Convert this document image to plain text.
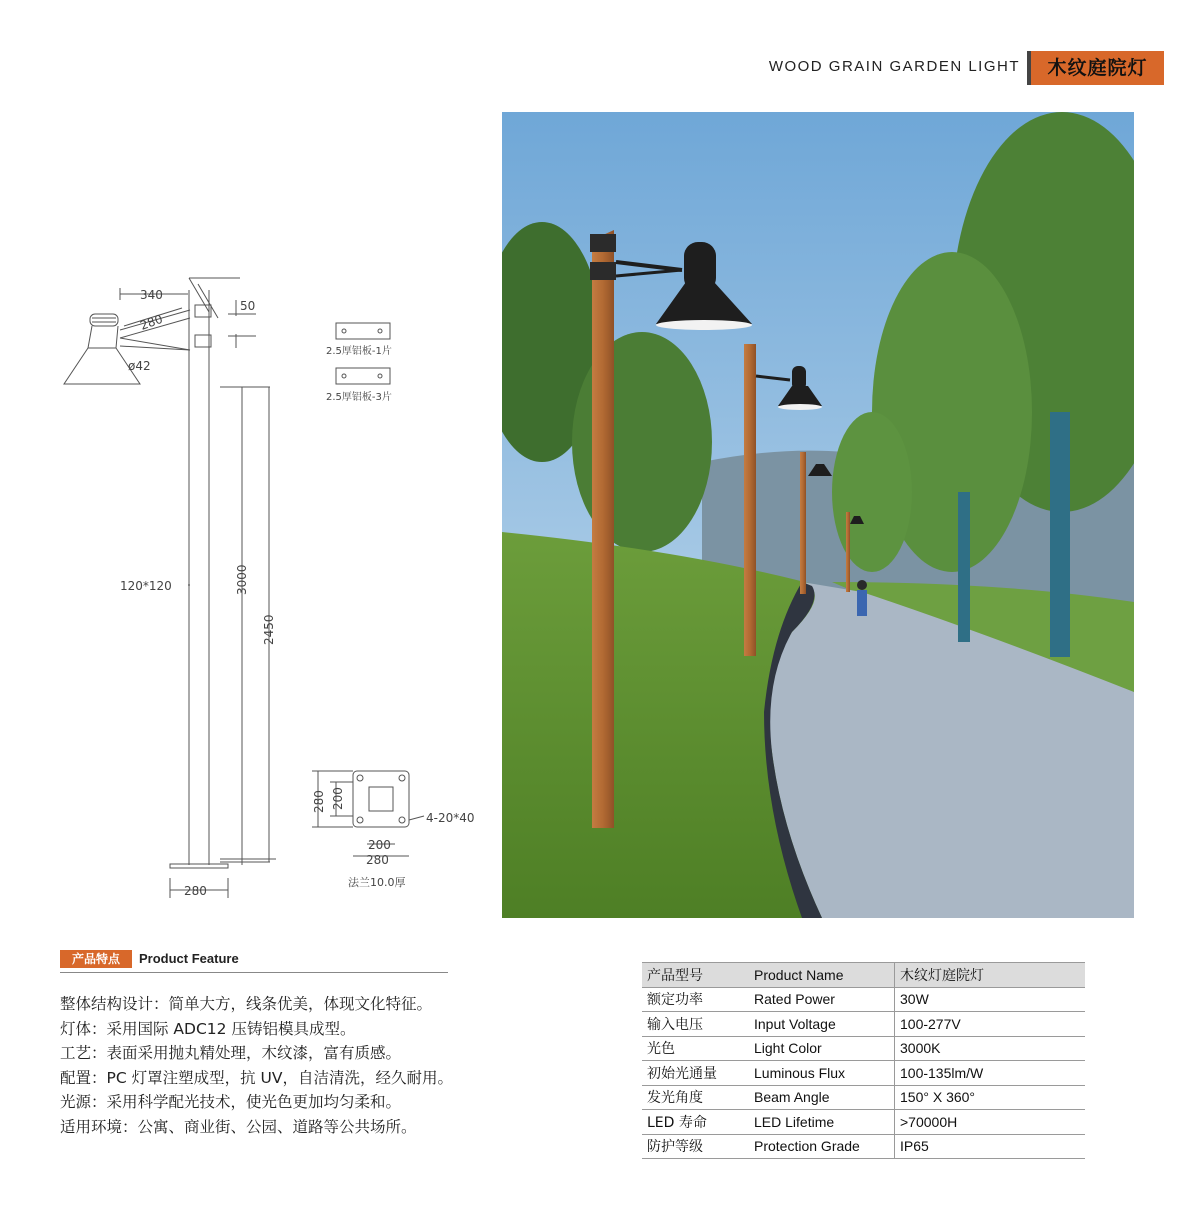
WOOD GRAIN GARDEN LIGHT	木纹庭院灯
340
280
50
ø42
120*120	3000
2450
280
2.5厚铝板-1片
2.5厚铝板-3片
280 200
200
280
4-20*40
法兰10.0厚
产品特点	Product Feature
整体结构设计：简单大方，线条优美，体现文化特征。
灯体：采用国际 ADC12 压铸铝模具成型。
工艺：表面采用抛丸精处理，木纹漆，富有质感。
配置：PC 灯罩注塑成型，抗 UV，自洁清洗，经久耐用。
光源：采用科学配光技术，使光色更加均匀柔和。
适用环境：公寓、商业街、公园、道路等公共场所。
产品型号	Product Name	木纹灯庭院灯
额定功率	Rated Power	30W
输入电压	Input Voltage	100-277V
光色	Light Color	3000K
初始光通量	Luminous Flux	100-135lm/W
发光角度	Beam Angle	150° X 360°
LED 寿命	LED Lifetime	>70000H
防护等级	Protection Grade	IP65
